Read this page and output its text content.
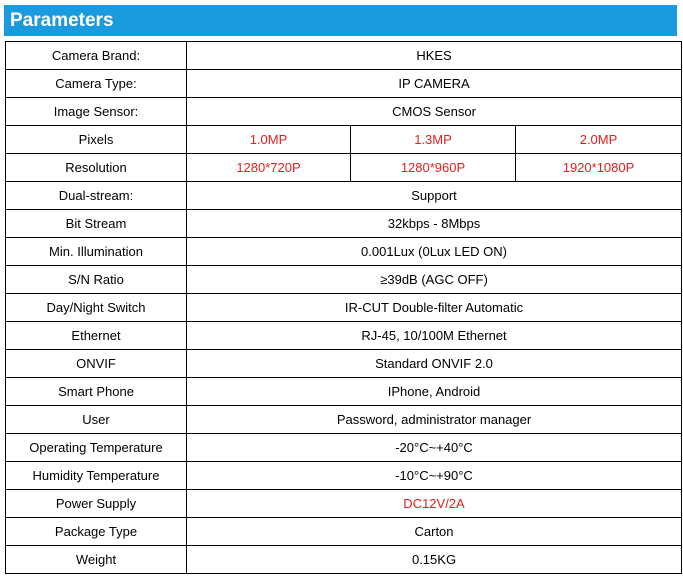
Parameters
Camera Brand:	HKES		
Camera Type:	IP CAMERA		
Image Sensor:	CMOS Sensor		
Pixels	1.0MP	1.3MP	2.0MP
Resolution	1280*720P	1280*960P	1920*1080P
Dual-stream:	Support		
Bit Stream	32kbps - 8Mbps		
Min. Illumination	0.001Lux (0Lux LED ON)		
S/N Ratio	≥39dB (AGC OFF)		
Day/Night Switch	IR-CUT Double-filter Automatic		
Ethernet	RJ-45, 10/100M Ethernet		
ONVIF	Standard ONVIF 2.0		
Smart Phone	IPhone, Android		
User	Password, administrator manager		
Operating Temperature	-20°C~+40°C		
Humidity Temperature	-10°C~+90°C		
Power Supply	DC12V/2A		
Package Type	Carton		
Weight	0.15KG		
